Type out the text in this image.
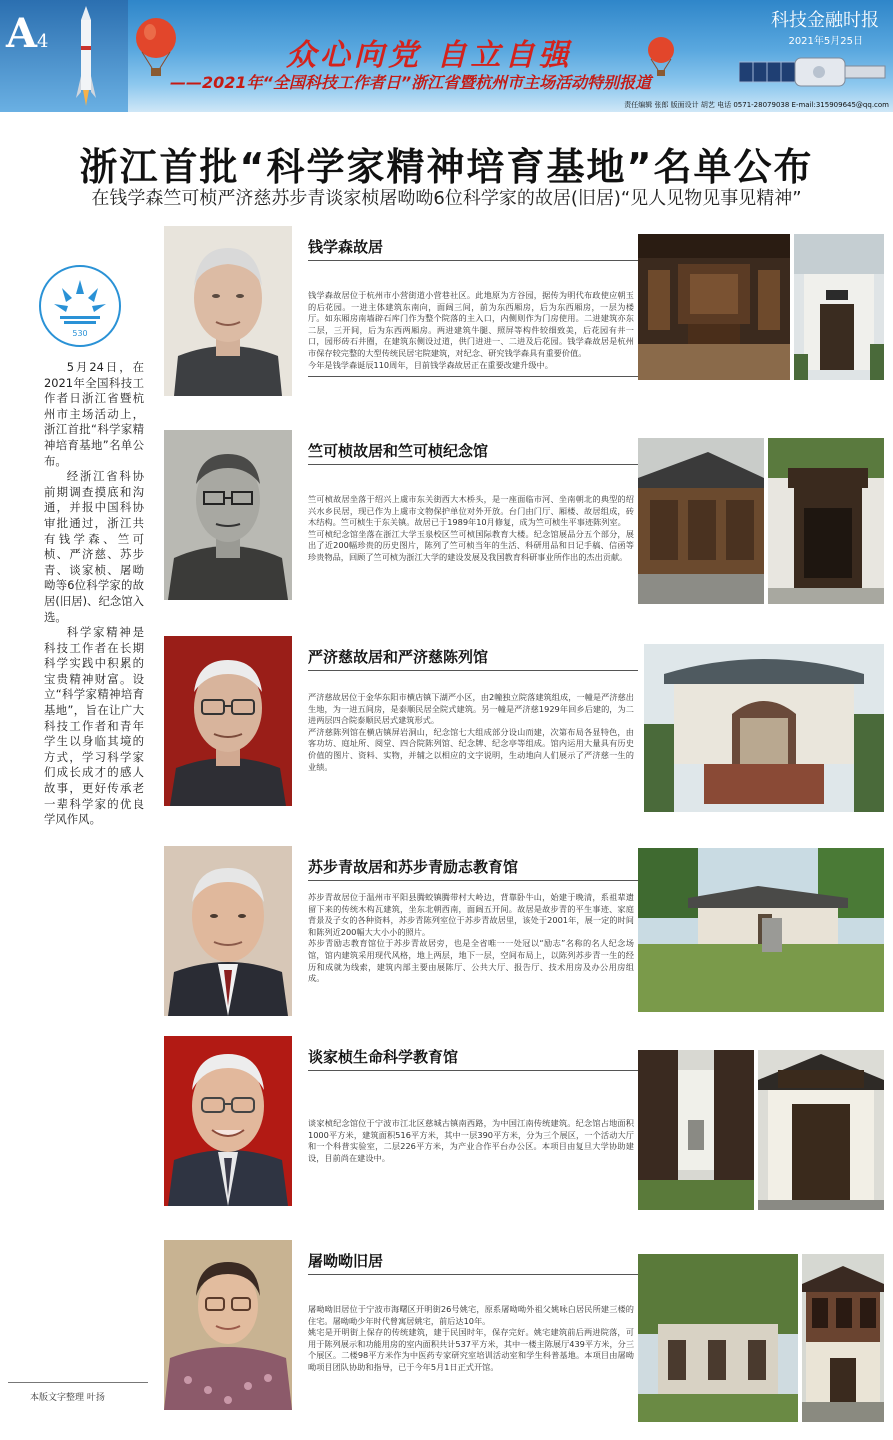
A4	众心向党 自立自强
——2021年“全国科技工作者日”浙江省暨杭州市主场活动特别报道
科技金融时报
2021年5月25日
责任编辑 张郎 版面设计 胡艺 电话 0571-28079038 E-mail:315909645@qq.com
浙江首批“科学家精神培育基地”名单公布
在钱学森竺可桢严济慈苏步青谈家桢屠呦呦6位科学家的故居(旧居)“见人见物见事见精神”
530

5月24日，在2021年全国科技工作者日浙江省暨杭州市主场活动上，浙江首批“科学家精神培育基地”名单公布。

经浙江省科协前期调查摸底和沟通，并报中国科协审批通过，浙江共有钱学森、竺可桢、严济慈、苏步青、谈家桢、屠呦呦等6位科学家的故居(旧居)、纪念馆入选。

科学家精神是科技工作者在长期科学实践中积累的宝贵精神财富。设立“科学家精神培育基地”，旨在让广大科技工作者和青年学生以身临其境的方式，学习科学家们成长成才的感人故事，更好传承老一辈科学家的优良学风作风。

本版文字整理 叶扬
钱学森故居
钱学森故居位于杭州市小营街道小营巷社区。此地原为方谷园，据传为明代布政使应朝玉的后花园。一进主体建筑东南向，面阔三间，前为东西厢房，后为东西厢房，一层为楼厅。如东厢房南墙辟石库门作为整个院落的主入口，内侧则作为门房使用。二进建筑亦东二层，三开间，后为东西两厢房。两进建筑牛腿、照屏等构件较细致美，后花园有井一口，园形砖石井圈，在建筑东侧设过道，供门进进一、二进及后花园。钱学森故居是杭州市保存较完整的大型传统民居宅院建筑，对纪念、研究钱学森具有重要价值。
今年是钱学森诞辰110周年，目前钱学森故居正在重要改建升级中。
竺可桢故居和竺可桢纪念馆
竺可桢故居坐落于绍兴上虞市东关街西大木桥头，是一座面临市河、坐南朝北的典型的绍兴水乡民居，现已作为上虞市文物保护单位对外开放。台门由门厅、厢楼、故居组成，砖木结构。竺可桢生于东关镇。故居已于1989年10月修复，成为竺可桢生平事迹陈列室。
竺可桢纪念馆坐落在浙江大学玉泉校区竺可桢国际教育大楼。纪念馆展品分五个部分，展出了近200幅珍贵的历史图片，陈列了竺可桢当年的生活、科研用品和日记手稿、信函等珍贵物品，回顾了竺可桢为浙江大学的建设发展及我国教育科研事业所作出的杰出贡献。
严济慈故居和严济慈陈列馆
严济慈故居位于金华东阳市横店镇下湖严小区，由2幢独立院落建筑组成，一幢是严济慈出生地，为一进五间房，是泰顺民居全院式建筑。另一幢是严济慈1929年回乡后建的，为二进两层四合院泰顺民居式建筑形式。
严济慈陈列馆在横店镇屏岩洞山，纪念馆七大组成部分设山而建，次第布局各显特色，由客功坊、庭址所、阅堂、四合院陈列馆、纪念牌、纪念亭等组成。馆内运用大量具有历史价值的图片、资料、实物，并辅之以相应的文字说明，生动地向人们展示了严济慈一生的业绩。
苏步青故居和苏步青励志教育馆
苏步青故居位于温州市平阳县腾蛟镇腾带村大岭边，背靠卧牛山，始建于晚清，系祖辈遗留下来的传统木构瓦建筑，坐东北朝西南，面阔五开间。故居是故步青的平生事迹、家庭背景及子女的各种资料，苏步青陈列室位于苏步青故居里，该处于2001年，展一定的时间和陈列近200幅大大小小的照片。
苏步青励志教育馆位于苏步青故居旁，也是全省唯一一处冠以“励志”名称的名人纪念场馆，馆内建筑采用现代风格，地上两层，地下一层，空间布局上，以陈列苏步青一生的经历和成就为线索，建筑内部主要由展陈厅、公共大厅、报告厅、技术用房及办公用房组成。
谈家桢生命科学教育馆
谈家桢纪念馆位于宁波市江北区慈城古镇南西路，为中国江南传统建筑。纪念馆占地面积1000平方米，建筑面积516平方米，其中一层390平方米，分为三个展区，一个活动大厅和一个科普实验室，二层226平方米，为产业合作平台办公区。本项目由复旦大学协助建设，目前尚在建设中。
屠呦呦旧居
屠呦呦旧居位于宁波市海曙区开明街26号姚宅，原系屠呦呦外祖父姚咏白居民所建三楼的住宅。屠呦呦少年时代曾寓居姚宅，前后达10年。
姚宅是开明街上保存的传统建筑，建于民国时年，保存完好。姚宅建筑前后两进院落，可用于陈列展示和功能用房的室内面积共计537平方米，其中一楼主陈展厅439平方米，分三个展区。二楼98平方米作为中医药专家研究室培训活动室和学生科普基地。本项目由屠呦呦项目团队协助和指导，已于今年5月1日正式开馆。
